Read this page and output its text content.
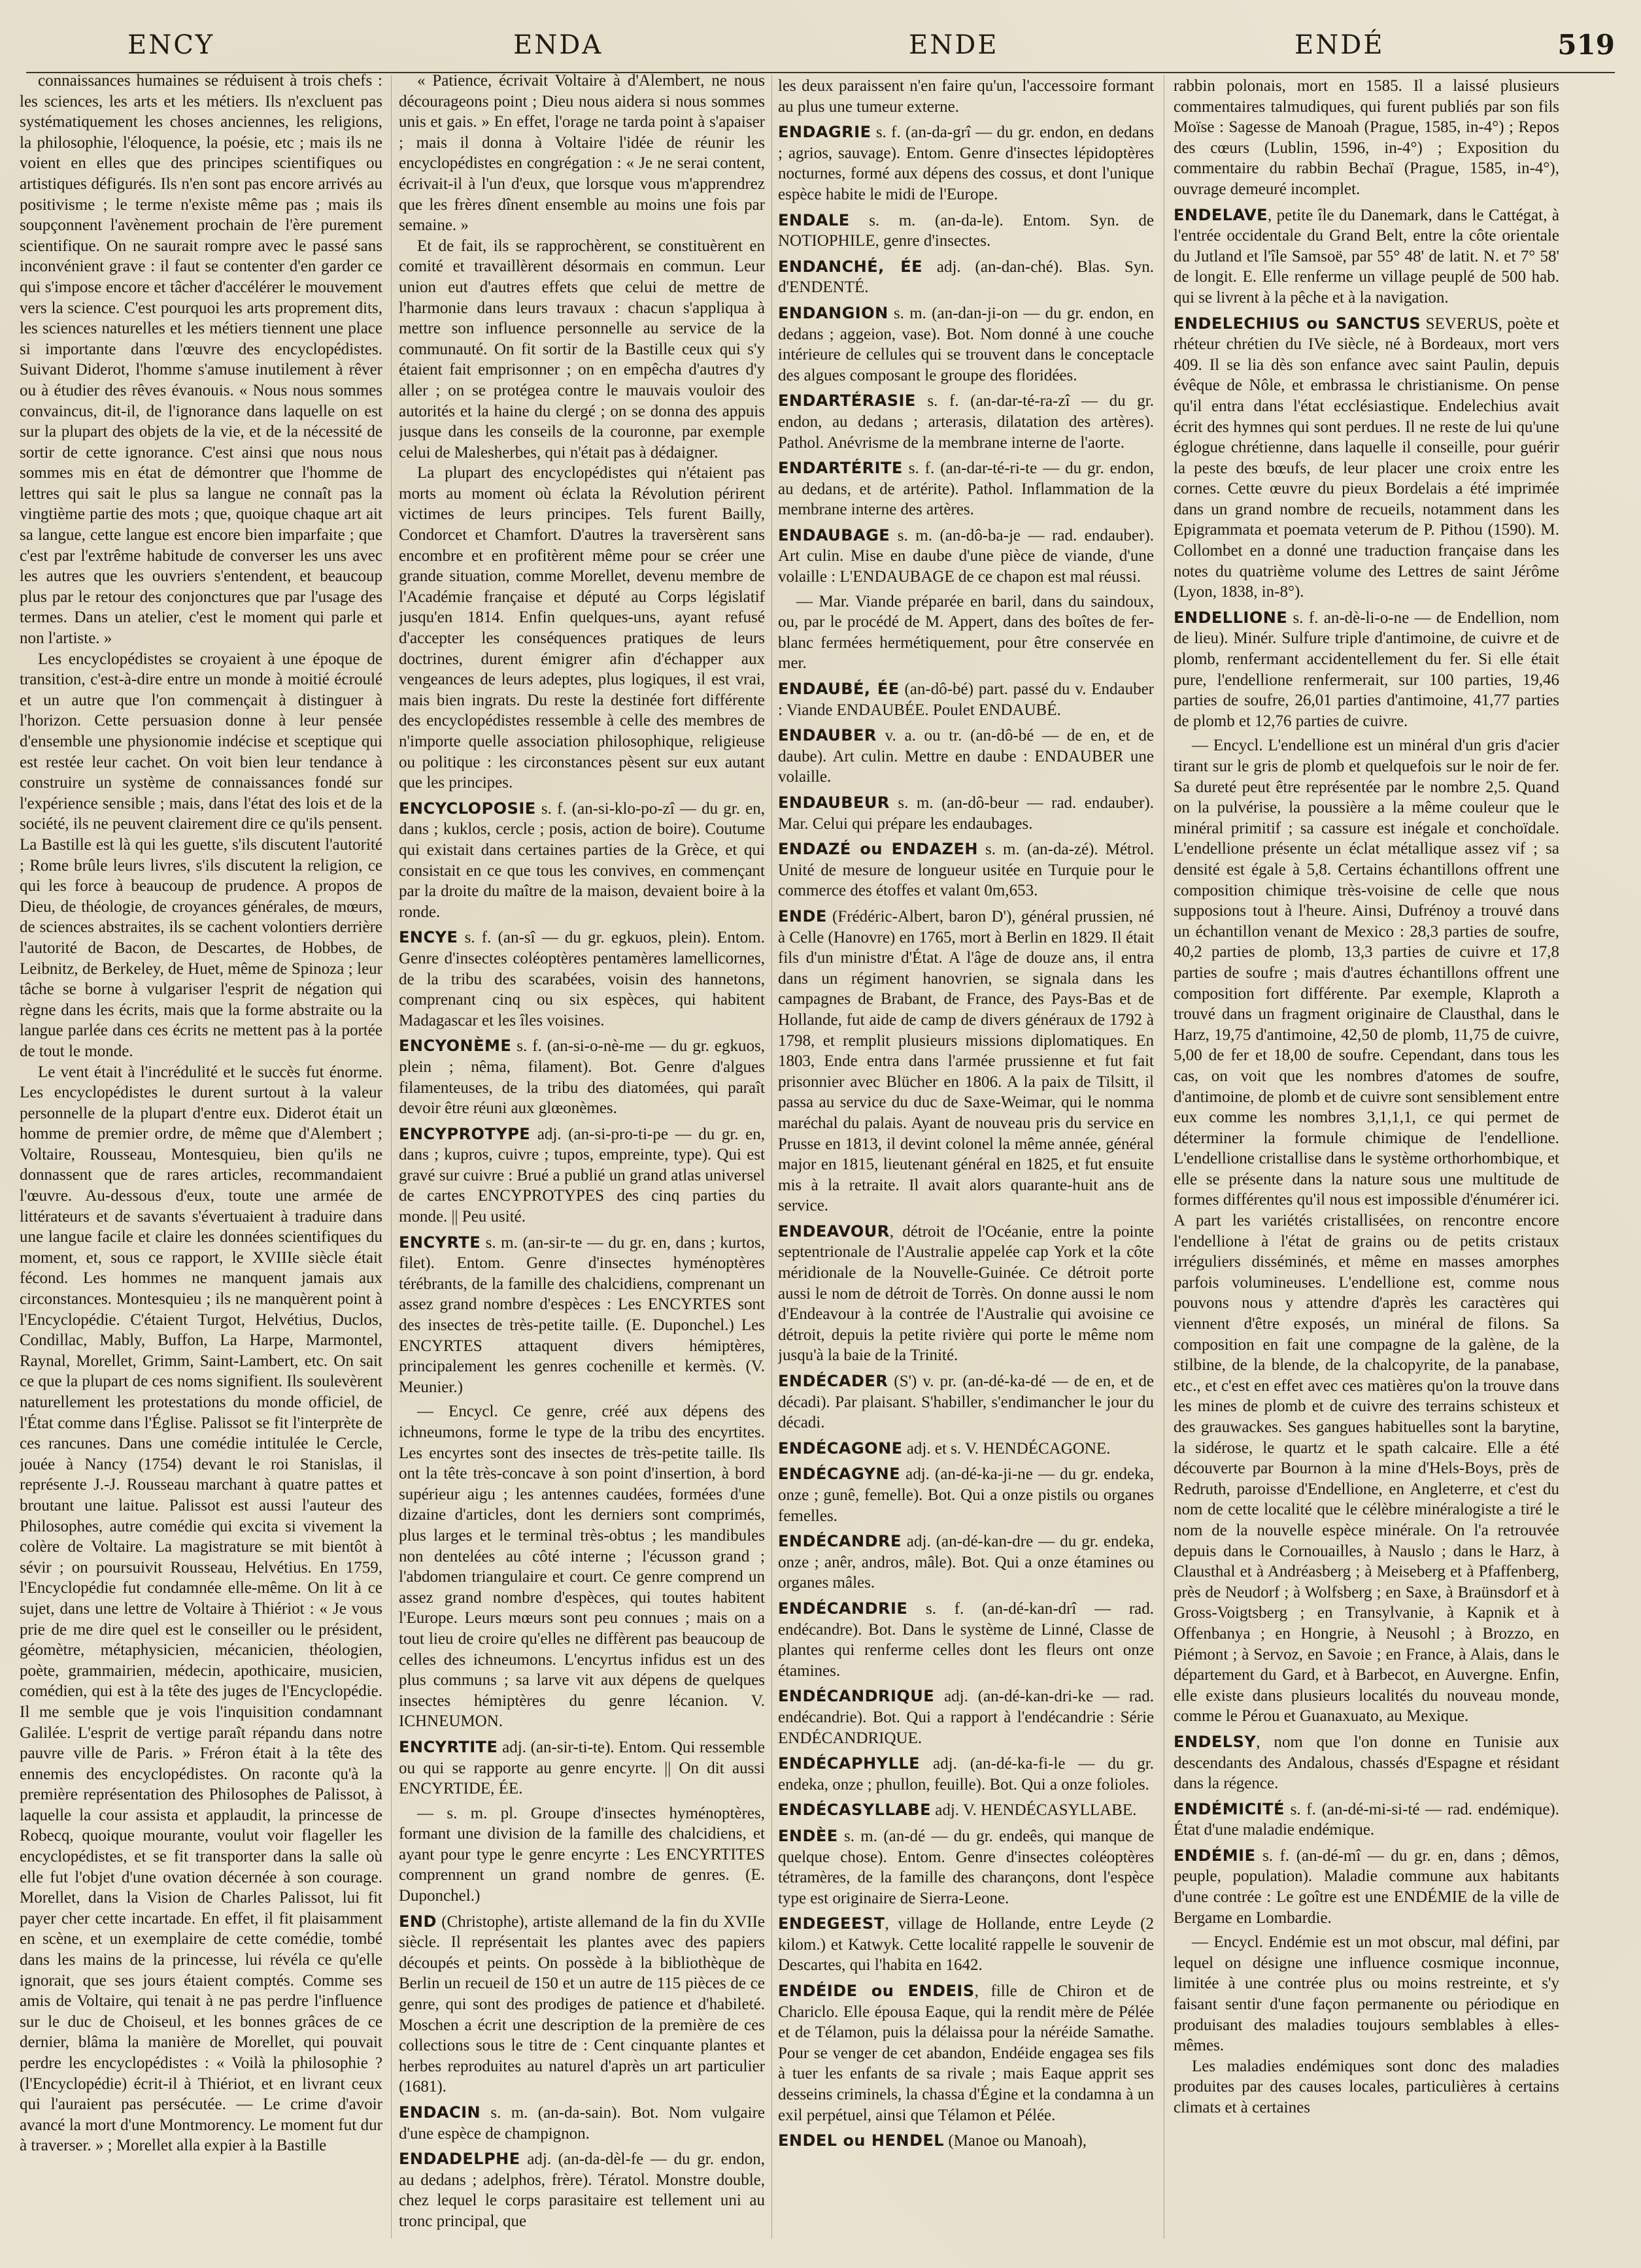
ENCY	ENDA	ENDE	ENDÉ	519

connaissances humaines se réduisent à trois chefs : les sciences, les arts et les métiers. Ils n'excluent pas systématiquement les choses anciennes, les religions, la philosophie, l'éloquence, la poésie, etc ; mais ils ne voient en elles que des principes scientifiques ou artistiques défigurés. Ils n'en sont pas encore arrivés au positivisme ; le terme n'existe même pas ; mais ils soupçonnent l'avènement prochain de l'ère purement scientifique. On ne saurait rompre avec le passé sans inconvénient grave : il faut se contenter d'en garder ce qui s'impose encore et tâcher d'accélérer le mouvement vers la science. C'est pourquoi les arts proprement dits, les sciences naturelles et les métiers tiennent une place si importante dans l'œuvre des encyclopédistes. Suivant Diderot, l'homme s'amuse inutilement à rêver ou à étudier des rêves évanouis. « Nous nous sommes convaincus, dit-il, de l'ignorance dans laquelle on est sur la plupart des objets de la vie, et de la nécessité de sortir de cette ignorance. C'est ainsi que nous nous sommes mis en état de démontrer que l'homme de lettres qui sait le plus sa langue ne connaît pas la vingtième partie des mots ; que, quoique chaque art ait sa langue, cette langue est encore bien imparfaite ; que c'est par l'extrême habitude de converser les uns avec les autres que les ouvriers s'entendent, et beaucoup plus par le retour des conjonctures que par l'usage des termes. Dans un atelier, c'est le moment qui parle et non l'artiste. »

Les encyclopédistes se croyaient à une époque de transition, c'est-à-dire entre un monde à moitié écroulé et un autre que l'on commençait à distinguer à l'horizon. Cette persuasion donne à leur pensée d'ensemble une physionomie indécise et sceptique qui est restée leur cachet. On voit bien leur tendance à construire un système de connaissances fondé sur l'expérience sensible ; mais, dans l'état des lois et de la société, ils ne peuvent clairement dire ce qu'ils pensent. La Bastille est là qui les guette, s'ils discutent l'autorité ; Rome brûle leurs livres, s'ils discutent la religion, ce qui les force à beaucoup de prudence. A propos de Dieu, de théologie, de croyances générales, de mœurs, de sciences abstraites, ils se cachent volontiers derrière l'autorité de Bacon, de Descartes, de Hobbes, de Leibnitz, de Berkeley, de Huet, même de Spinoza ; leur tâche se borne à vulgariser l'esprit de négation qui règne dans les écrits, mais que la forme abstraite ou la langue parlée dans ces écrits ne mettent pas à la portée de tout le monde.

Le vent était à l'incrédulité et le succès fut énorme. Les encyclopédistes le durent surtout à la valeur personnelle de la plupart d'entre eux. Diderot était un homme de premier ordre, de même que d'Alembert ; Voltaire, Rousseau, Montesquieu, bien qu'ils ne donnassent que de rares articles, recommandaient l'œuvre. Au-dessous d'eux, toute une armée de littérateurs et de savants s'évertuaient à traduire dans une langue facile et claire les données scientifiques du moment, et, sous ce rapport, le XVIIIe siècle était fécond. Les hommes ne manquent jamais aux circonstances. Montesquieu ; ils ne manquèrent point à l'Encyclopédie. C'étaient Turgot, Helvétius, Duclos, Condillac, Mably, Buffon, La Harpe, Marmontel, Raynal, Morellet, Grimm, Saint-Lambert, etc. On sait ce que la plupart de ces noms signifient. Ils soulevèrent naturellement les protestations du monde officiel, de l'État comme dans l'Église. Palissot se fit l'interprète de ces rancunes. Dans une comédie intitulée le Cercle, jouée à Nancy (1754) devant le roi Stanislas, il représente J.-J. Rousseau marchant à quatre pattes et broutant une laitue. Palissot est aussi l'auteur des Philosophes, autre comédie qui excita si vivement la colère de Voltaire. La magistrature se mit bientôt à sévir ; on poursuivit Rousseau, Helvétius. En 1759, l'Encyclopédie fut condamnée elle-même. On lit à ce sujet, dans une lettre de Voltaire à Thiériot : « Je vous prie de me dire quel est le conseiller ou le président, géomètre, métaphysicien, mécanicien, théologien, poète, grammairien, médecin, apothicaire, musicien, comédien, qui est à la tête des juges de l'Encyclopédie. Il me semble que je vois l'inquisition condamnant Galilée. L'esprit de vertige paraît répandu dans notre pauvre ville de Paris. » Fréron était à la tête des ennemis des encyclopédistes. On raconte qu'à la première représentation des Philosophes de Palissot, à laquelle la cour assista et applaudit, la princesse de Robecq, quoique mourante, voulut voir flageller les encyclopédistes, et se fit transporter dans la salle où elle fut l'objet d'une ovation décernée à son courage. Morellet, dans la Vision de Charles Palissot, lui fit payer cher cette incartade. En effet, il fit plaisamment en scène, et un exemplaire de cette comédie, tombé dans les mains de la princesse, lui révéla ce qu'elle ignorait, que ses jours étaient comptés. Comme ses amis de Voltaire, qui tenait à ne pas perdre l'influence sur le duc de Choiseul, et les bonnes grâces de ce dernier, blâma la manière de Morellet, qui pouvait perdre les encyclopédistes : « Voilà la philosophie ? (l'Encyclopédie) écrit-il à Thiériot, et en livrant ceux qui l'auraient pas persécutée. — Le crime d'avoir avancé la mort d'une Montmorency. Le moment fut dur à traverser. » ; Morellet alla expier à la Bastille

« Patience, écrivait Voltaire à d'Alembert, ne nous décourageons point ; Dieu nous aidera si nous sommes unis et gais. » En effet, l'orage ne tarda point à s'apaiser ; mais il donna à Voltaire l'idée de réunir les encyclopédistes en congrégation : « Je ne serai content, écrivait-il à l'un d'eux, que lorsque vous m'apprendrez que les frères dînent ensemble au moins une fois par semaine. »

Et de fait, ils se rapprochèrent, se constituèrent en comité et travaillèrent désormais en commun. Leur union eut d'autres effets que celui de mettre de l'harmonie dans leurs travaux : chacun s'appliqua à mettre son influence personnelle au service de la communauté. On fit sortir de la Bastille ceux qui s'y étaient fait emprisonner ; on en empêcha d'autres d'y aller ; on se protégea contre le mauvais vouloir des autorités et la haine du clergé ; on se donna des appuis jusque dans les conseils de la couronne, par exemple celui de Malesherbes, qui n'était pas à dédaigner.

La plupart des encyclopédistes qui n'étaient pas morts au moment où éclata la Révolution périrent victimes de leurs principes. Tels furent Bailly, Condorcet et Chamfort. D'autres la traversèrent sans encombre et en profitèrent même pour se créer une grande situation, comme Morellet, devenu membre de l'Académie française et député au Corps législatif jusqu'en 1814. Enfin quelques-uns, ayant refusé d'accepter les conséquences pratiques de leurs doctrines, durent émigrer afin d'échapper aux vengeances de leurs adeptes, plus logiques, il est vrai, mais bien ingrats. Du reste la destinée fort différente des encyclopédistes ressemble à celle des membres de n'importe quelle association philosophique, religieuse ou politique : les circonstances pèsent sur eux autant que les principes.

ENCYCLOPOSIE s. f. (an-si-klo-po-zî — du gr. en, dans ; kuklos, cercle ; posis, action de boire). Coutume qui existait dans certaines parties de la Grèce, et qui consistait en ce que tous les convives, en commençant par la droite du maître de la maison, devaient boire à la ronde.

ENCYE s. f. (an-sî — du gr. egkuos, plein). Entom. Genre d'insectes coléoptères pentamères lamellicornes, de la tribu des scarabées, voisin des hannetons, comprenant cinq ou six espèces, qui habitent Madagascar et les îles voisines.

ENCYONÈME s. f. (an-si-o-nè-me — du gr. egkuos, plein ; nêma, filament). Bot. Genre d'algues filamenteuses, de la tribu des diatomées, qui paraît devoir être réuni aux glœonèmes.

ENCYPROTYPE adj. (an-si-pro-ti-pe — du gr. en, dans ; kupros, cuivre ; tupos, empreinte, type). Qui est gravé sur cuivre : Brué a publié un grand atlas universel de cartes ENCYPROTYPES des cinq parties du monde. || Peu usité.

ENCYRTE s. m. (an-sir-te — du gr. en, dans ; kurtos, filet). Entom. Genre d'insectes hyménoptères térébrants, de la famille des chalcidiens, comprenant un assez grand nombre d'espèces : Les ENCYRTES sont des insectes de très-petite taille. (E. Duponchel.) Les ENCYRTES attaquent divers hémiptères, principalement les genres cochenille et kermès. (V. Meunier.)

— Encycl. Ce genre, créé aux dépens des ichneumons, forme le type de la tribu des encyrtites. Les encyrtes sont des insectes de très-petite taille. Ils ont la tête très-concave à son point d'insertion, à bord supérieur aigu ; les antennes caudées, formées d'une dizaine d'articles, dont les derniers sont comprimés, plus larges et le terminal très-obtus ; les mandibules non dentelées au côté interne ; l'écusson grand ; l'abdomen triangulaire et court. Ce genre comprend un assez grand nombre d'espèces, qui toutes habitent l'Europe. Leurs mœurs sont peu connues ; mais on a tout lieu de croire qu'elles ne diffèrent pas beaucoup de celles des ichneumons. L'encyrtus infidus est un des plus communs ; sa larve vit aux dépens de quelques insectes hémiptères du genre lécanion. V. ICHNEUMON.

ENCYRTITE adj. (an-sir-ti-te). Entom. Qui ressemble ou qui se rapporte au genre encyrte. || On dit aussi ENCYRTIDE, ÉE.

— s. m. pl. Groupe d'insectes hyménoptères, formant une division de la famille des chalcidiens, et ayant pour type le genre encyrte : Les ENCYRTITES comprennent un grand nombre de genres. (E. Duponchel.)

END (Christophe), artiste allemand de la fin du XVIIe siècle. Il représentait les plantes avec des papiers découpés et peints. On possède à la bibliothèque de Berlin un recueil de 150 et un autre de 115 pièces de ce genre, qui sont des prodiges de patience et d'habileté. Moschen a écrit une description de la première de ces collections sous le titre de : Cent cinquante plantes et herbes reproduites au naturel d'après un art particulier (1681).

ENDACIN s. m. (an-da-sain). Bot. Nom vulgaire d'une espèce de champignon.

ENDADELPHE adj. (an-da-dèl-fe — du gr. endon, au dedans ; adelphos, frère). Tératol. Monstre double, chez lequel le corps parasitaire est tellement uni au tronc principal, que

les deux paraissent n'en faire qu'un, l'accessoire formant au plus une tumeur externe.

ENDAGRIE s. f. (an-da-grî — du gr. endon, en dedans ; agrios, sauvage). Entom. Genre d'insectes lépidoptères nocturnes, formé aux dépens des cossus, et dont l'unique espèce habite le midi de l'Europe.

ENDALE s. m. (an-da-le). Entom. Syn. de NOTIOPHILE, genre d'insectes.

ENDANCHÉ, ÉE adj. (an-dan-ché). Blas. Syn. d'ENDENTÉ.

ENDANGION s. m. (an-dan-ji-on — du gr. endon, en dedans ; aggeion, vase). Bot. Nom donné à une couche intérieure de cellules qui se trouvent dans le conceptacle des algues composant le groupe des floridées.

ENDARTÉRASIE s. f. (an-dar-té-ra-zî — du gr. endon, au dedans ; arterasis, dilatation des artères). Pathol. Anévrisme de la membrane interne de l'aorte.

ENDARTÉRITE s. f. (an-dar-té-ri-te — du gr. endon, au dedans, et de artérite). Pathol. Inflammation de la membrane interne des artères.

ENDAUBAGE s. m. (an-dô-ba-je — rad. endauber). Art culin. Mise en daube d'une pièce de viande, d'une volaille : L'ENDAUBAGE de ce chapon est mal réussi.

— Mar. Viande préparée en baril, dans du saindoux, ou, par le procédé de M. Appert, dans des boîtes de fer-blanc fermées hermétiquement, pour être conservée en mer.

ENDAUBÉ, ÉE (an-dô-bé) part. passé du v. Endauber : Viande ENDAUBÉE. Poulet ENDAUBÉ.

ENDAUBER v. a. ou tr. (an-dô-bé — de en, et de daube). Art culin. Mettre en daube : ENDAUBER une volaille.

ENDAUBEUR s. m. (an-dô-beur — rad. endauber). Mar. Celui qui prépare les endaubages.

ENDAZÉ ou ENDAZEH s. m. (an-da-zé). Métrol. Unité de mesure de longueur usitée en Turquie pour le commerce des étoffes et valant 0m,653.

ENDE (Frédéric-Albert, baron D'), général prussien, né à Celle (Hanovre) en 1765, mort à Berlin en 1829. Il était fils d'un ministre d'État. A l'âge de douze ans, il entra dans un régiment hanovrien, se signala dans les campagnes de Brabant, de France, des Pays-Bas et de Hollande, fut aide de camp de divers généraux de 1792 à 1798, et remplit plusieurs missions diplomatiques. En 1803, Ende entra dans l'armée prussienne et fut fait prisonnier avec Blücher en 1806. A la paix de Tilsitt, il passa au service du duc de Saxe-Weimar, qui le nomma maréchal du palais. Ayant de nouveau pris du service en Prusse en 1813, il devint colonel la même année, général major en 1815, lieutenant général en 1825, et fut ensuite mis à la retraite. Il avait alors quarante-huit ans de service.

ENDEAVOUR, détroit de l'Océanie, entre la pointe septentrionale de l'Australie appelée cap York et la côte méridionale de la Nouvelle-Guinée. Ce détroit porte aussi le nom de détroit de Torrès. On donne aussi le nom d'Endeavour à la contrée de l'Australie qui avoisine ce détroit, depuis la petite rivière qui porte le même nom jusqu'à la baie de la Trinité.

ENDÉCADER (S') v. pr. (an-dé-ka-dé — de en, et de décadi). Par plaisant. S'habiller, s'endimancher le jour du décadi.

ENDÉCAGONE adj. et s. V. HENDÉCAGONE.

ENDÉCAGYNE adj. (an-dé-ka-ji-ne — du gr. endeka, onze ; gunê, femelle). Bot. Qui a onze pistils ou organes femelles.

ENDÉCANDRE adj. (an-dé-kan-dre — du gr. endeka, onze ; anêr, andros, mâle). Bot. Qui a onze étamines ou organes mâles.

ENDÉCANDRIE s. f. (an-dé-kan-drî — rad. endécandre). Bot. Dans le système de Linné, Classe de plantes qui renferme celles dont les fleurs ont onze étamines.

ENDÉCANDRIQUE adj. (an-dé-kan-dri-ke — rad. endécandrie). Bot. Qui a rapport à l'endécandrie : Série ENDÉCANDRIQUE.

ENDÉCAPHYLLE adj. (an-dé-ka-fi-le — du gr. endeka, onze ; phullon, feuille). Bot. Qui a onze folioles.

ENDÉCASYLLABE adj. V. HENDÉCASYLLABE.

ENDÈE s. m. (an-dé — du gr. endeês, qui manque de quelque chose). Entom. Genre d'insectes coléoptères tétramères, de la famille des charançons, dont l'espèce type est originaire de Sierra-Leone.

ENDEGEEST, village de Hollande, entre Leyde (2 kilom.) et Katwyk. Cette localité rappelle le souvenir de Descartes, qui l'habita en 1642.

ENDÉIDE ou ENDEIS, fille de Chiron et de Chariclo. Elle épousa Eaque, qui la rendit mère de Pélée et de Télamon, puis la délaissa pour la néréide Samathe. Pour se venger de cet abandon, Endéide engagea ses fils à tuer les enfants de sa rivale ; mais Eaque apprit ses desseins criminels, la chassa d'Égine et la condamna à un exil perpétuel, ainsi que Télamon et Pélée.

ENDEL ou HENDEL (Manoe ou Manoah),

rabbin polonais, mort en 1585. Il a laissé plusieurs commentaires talmudiques, qui furent publiés par son fils Moïse : Sagesse de Manoah (Prague, 1585, in-4°) ; Repos des cœurs (Lublin, 1596, in-4°) ; Exposition du commentaire du rabbin Bechaï (Prague, 1585, in-4°), ouvrage demeuré incomplet.

ENDELAVE, petite île du Danemark, dans le Cattégat, à l'entrée occidentale du Grand Belt, entre la côte orientale du Jutland et l'île Samsoë, par 55° 48' de latit. N. et 7° 58' de longit. E. Elle renferme un village peuplé de 500 hab. qui se livrent à la pêche et à la navigation.

ENDELECHIUS ou SANCTUS SEVERUS, poète et rhéteur chrétien du IVe siècle, né à Bordeaux, mort vers 409. Il se lia dès son enfance avec saint Paulin, depuis évêque de Nôle, et embrassa le christianisme. On pense qu'il entra dans l'état ecclésiastique. Endelechius avait écrit des hymnes qui sont perdues. Il ne reste de lui qu'une églogue chrétienne, dans laquelle il conseille, pour guérir la peste des bœufs, de leur placer une croix entre les cornes. Cette œuvre du pieux Bordelais a été imprimée dans un grand nombre de recueils, notamment dans les Epigrammata et poemata veterum de P. Pithou (1590). M. Collombet en a donné une traduction française dans les notes du quatrième volume des Lettres de saint Jérôme (Lyon, 1838, in-8°).

ENDELLIONE s. f. an-dè-li-o-ne — de Endellion, nom de lieu). Minér. Sulfure triple d'antimoine, de cuivre et de plomb, renfermant accidentellement du fer. Si elle était pure, l'endellione renfermerait, sur 100 parties, 19,46 parties de soufre, 26,01 parties d'antimoine, 41,77 parties de plomb et 12,76 parties de cuivre.

— Encycl. L'endellione est un minéral d'un gris d'acier tirant sur le gris de plomb et quelquefois sur le noir de fer. Sa dureté peut être représentée par le nombre 2,5. Quand on la pulvérise, la poussière a la même couleur que le minéral primitif ; sa cassure est inégale et conchoïdale. L'endellione présente un éclat métallique assez vif ; sa densité est égale à 5,8. Certains échantillons offrent une composition chimique très-voisine de celle que nous supposions tout à l'heure. Ainsi, Dufrénoy a trouvé dans un échantillon venant de Mexico : 28,3 parties de soufre, 40,2 parties de plomb, 13,3 parties de cuivre et 17,8 parties de soufre ; mais d'autres échantillons offrent une composition fort différente. Par exemple, Klaproth a trouvé dans un fragment originaire de Clausthal, dans le Harz, 19,75 d'antimoine, 42,50 de plomb, 11,75 de cuivre, 5,00 de fer et 18,00 de soufre. Cependant, dans tous les cas, on voit que les nombres d'atomes de soufre, d'antimoine, de plomb et de cuivre sont sensiblement entre eux comme les nombres 3,1,1,1, ce qui permet de déterminer la formule chimique de l'endellione. L'endellione cristallise dans le système orthorhombique, et elle se présente dans la nature sous une multitude de formes différentes qu'il nous est impossible d'énumérer ici. A part les variétés cristallisées, on rencontre encore l'endellione à l'état de grains ou de petits cristaux irréguliers disséminés, et même en masses amorphes parfois volumineuses. L'endellione est, comme nous pouvons nous y attendre d'après les caractères qui viennent d'être exposés, un minéral de filons. Sa composition en fait une compagne de la galène, de la stilbine, de la blende, de la chalcopyrite, de la panabase, etc., et c'est en effet avec ces matières qu'on la trouve dans les mines de plomb et de cuivre des terrains schisteux et des grauwackes. Ses gangues habituelles sont la barytine, la sidérose, le quartz et le spath calcaire. Elle a été découverte par Bournon à la mine d'Hels-Boys, près de Redruth, paroisse d'Endellione, en Angleterre, et c'est du nom de cette localité que le célèbre minéralogiste a tiré le nom de la nouvelle espèce minérale. On l'a retrouvée depuis dans le Cornouailles, à Nauslo ; dans le Harz, à Clausthal et à Andréasberg ; à Meiseberg et à Pfaffenberg, près de Neudorf ; à Wolfsberg ; en Saxe, à Braünsdorf et à Gross-Voigtsberg ; en Transylvanie, à Kapnik et à Offenbanya ; en Hongrie, à Neusohl ; à Brozzo, en Piémont ; à Servoz, en Savoie ; en France, à Alais, dans le département du Gard, et à Barbecot, en Auvergne. Enfin, elle existe dans plusieurs localités du nouveau monde, comme le Pérou et Guanaxuato, au Mexique.

ENDELSY, nom que l'on donne en Tunisie aux descendants des Andalous, chassés d'Espagne et résidant dans la régence.

ENDÉMICITÉ s. f. (an-dé-mi-si-té — rad. endémique). État d'une maladie endémique.

ENDÉMIE s. f. (an-dé-mî — du gr. en, dans ; dêmos, peuple, population). Maladie commune aux habitants d'une contrée : Le goître est une ENDÉMIE de la ville de Bergame en Lombardie.

— Encycl. Endémie est un mot obscur, mal défini, par lequel on désigne une influence cosmique inconnue, limitée à une contrée plus ou moins restreinte, et s'y faisant sentir d'une façon permanente ou périodique en produisant des maladies toujours semblables à elles-mêmes.

Les maladies endémiques sont donc des maladies produites par des causes locales, particulières à certains climats et à certaines
